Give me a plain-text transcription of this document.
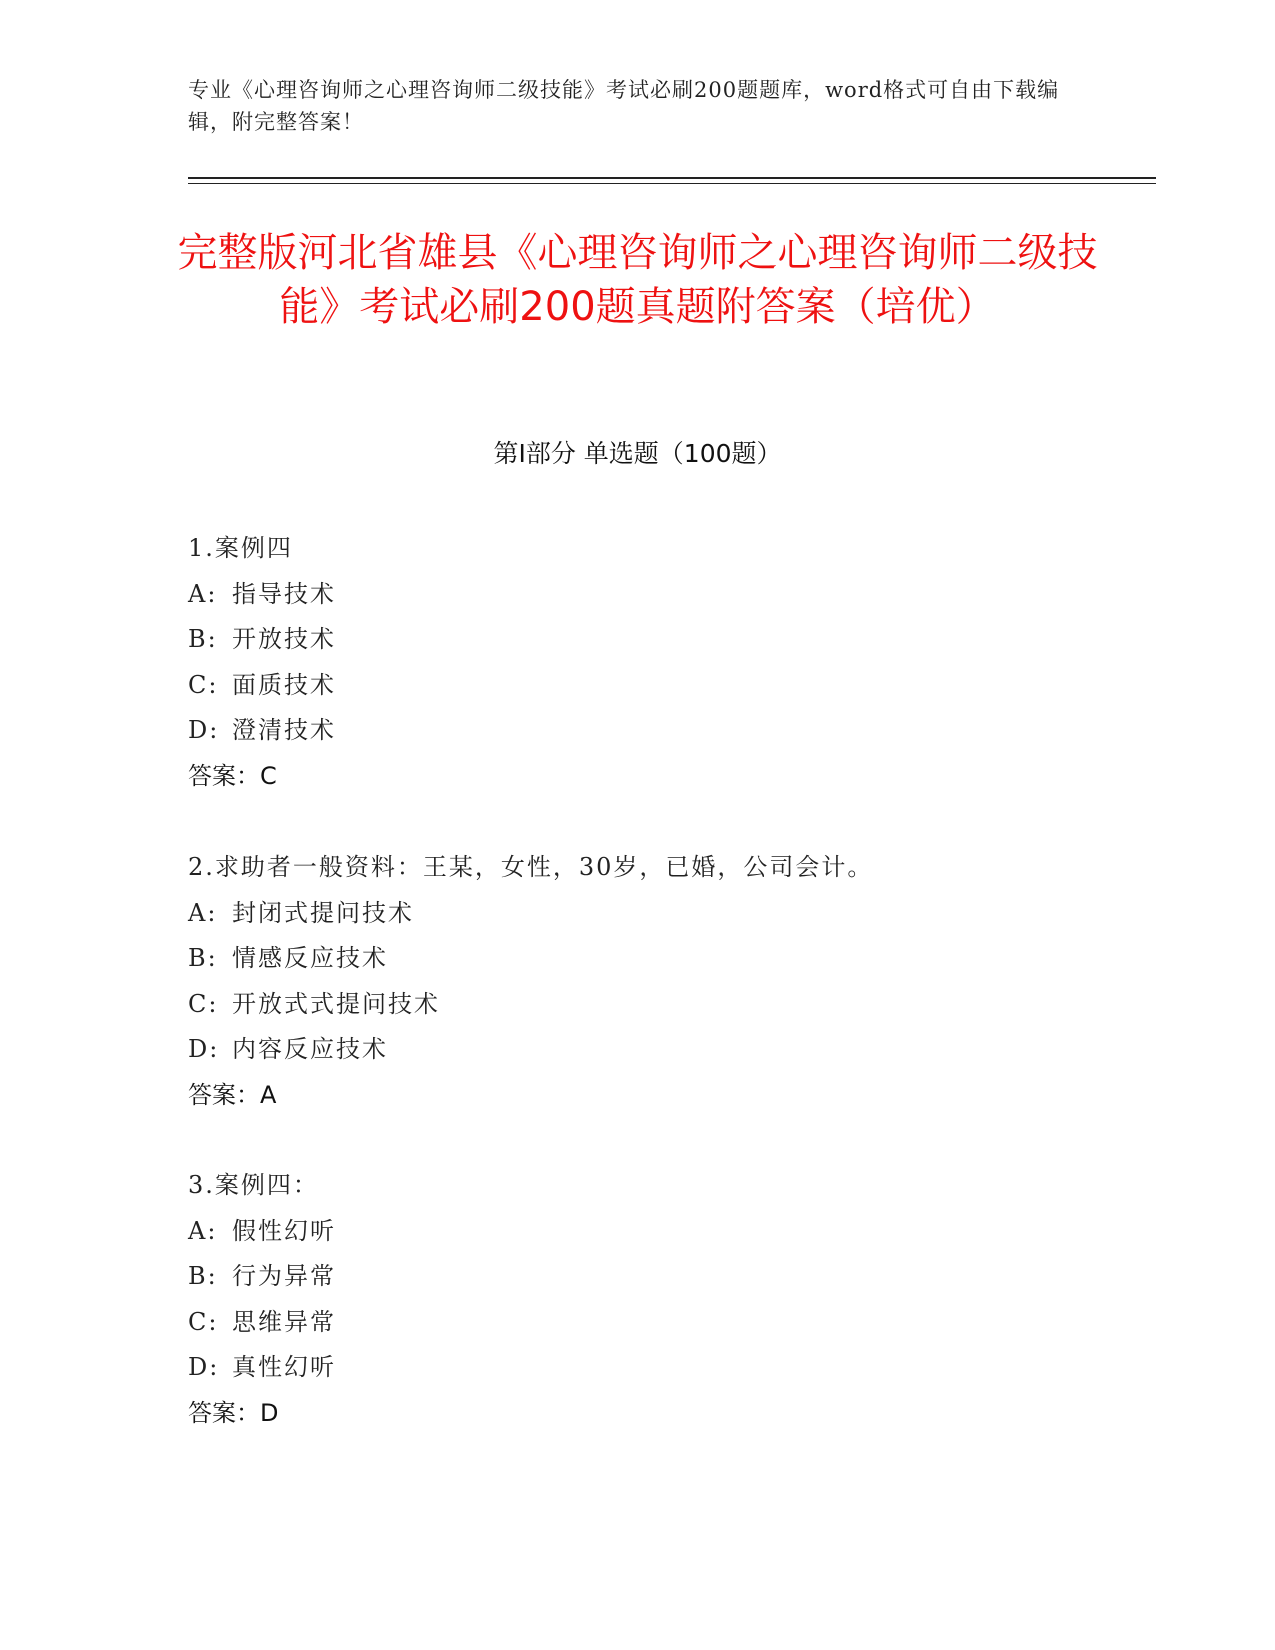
专业《心理咨询师之心理咨询师二级技能》考试必刷200题题库，word格式可自由下载编辑，附完整答案！
完整版河北省雄县《心理咨询师之心理咨询师二级技能》考试必刷200题真题附答案（培优）
第Ⅰ部分 单选题（100题）
1.案例四
A: 指导技术
B: 开放技术
C: 面质技术
D: 澄清技术
答案：C
2.求助者一般资料：王某，女性，30岁，已婚，公司会计。
A: 封闭式提问技术
B: 情感反应技术
C: 开放式式提问技术
D: 内容反应技术
答案：A
3.案例四：
A: 假性幻听
B: 行为异常
C: 思维异常
D: 真性幻听
答案：D
